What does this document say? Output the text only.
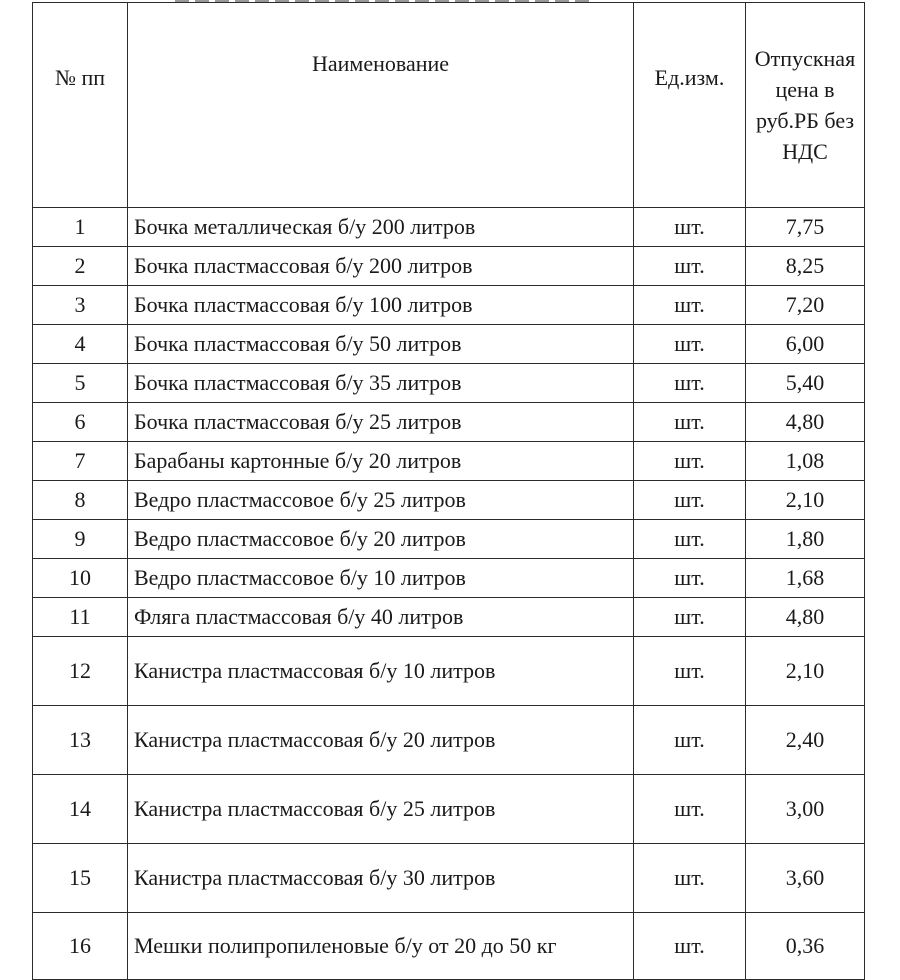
№ пп	Наименование	Ед.изм.	Отпускная цена в руб.РБ без НДС
1	Бочка металлическая б/у 200 литров	шт.	7,75
2	Бочка пластмассовая б/у 200 литров	шт.	8,25
3	Бочка пластмассовая б/у 100 литров	шт.	7,20
4	Бочка пластмассовая б/у 50 литров	шт.	6,00
5	Бочка пластмассовая б/у 35 литров	шт.	5,40
6	Бочка пластмассовая б/у 25 литров	шт.	4,80
7	Барабаны картонные б/у 20 литров	шт.	1,08
8	Ведро пластмассовое б/у 25 литров	шт.	2,10
9	Ведро пластмассовое б/у 20 литров	шт.	1,80
10	Ведро пластмассовое б/у 10 литров	шт.	1,68
11	Фляга пластмассовая б/у 40 литров	шт.	4,80
12	Канистра пластмассовая б/у 10 литров	шт.	2,10
13	Канистра пластмассовая б/у 20 литров	шт.	2,40
14	Канистра пластмассовая б/у 25 литров	шт.	3,00
15	Канистра пластмассовая б/у 30 литров	шт.	3,60
16	Мешки полипропиленовые б/у от 20 до 50 кг	шт.	0,36
